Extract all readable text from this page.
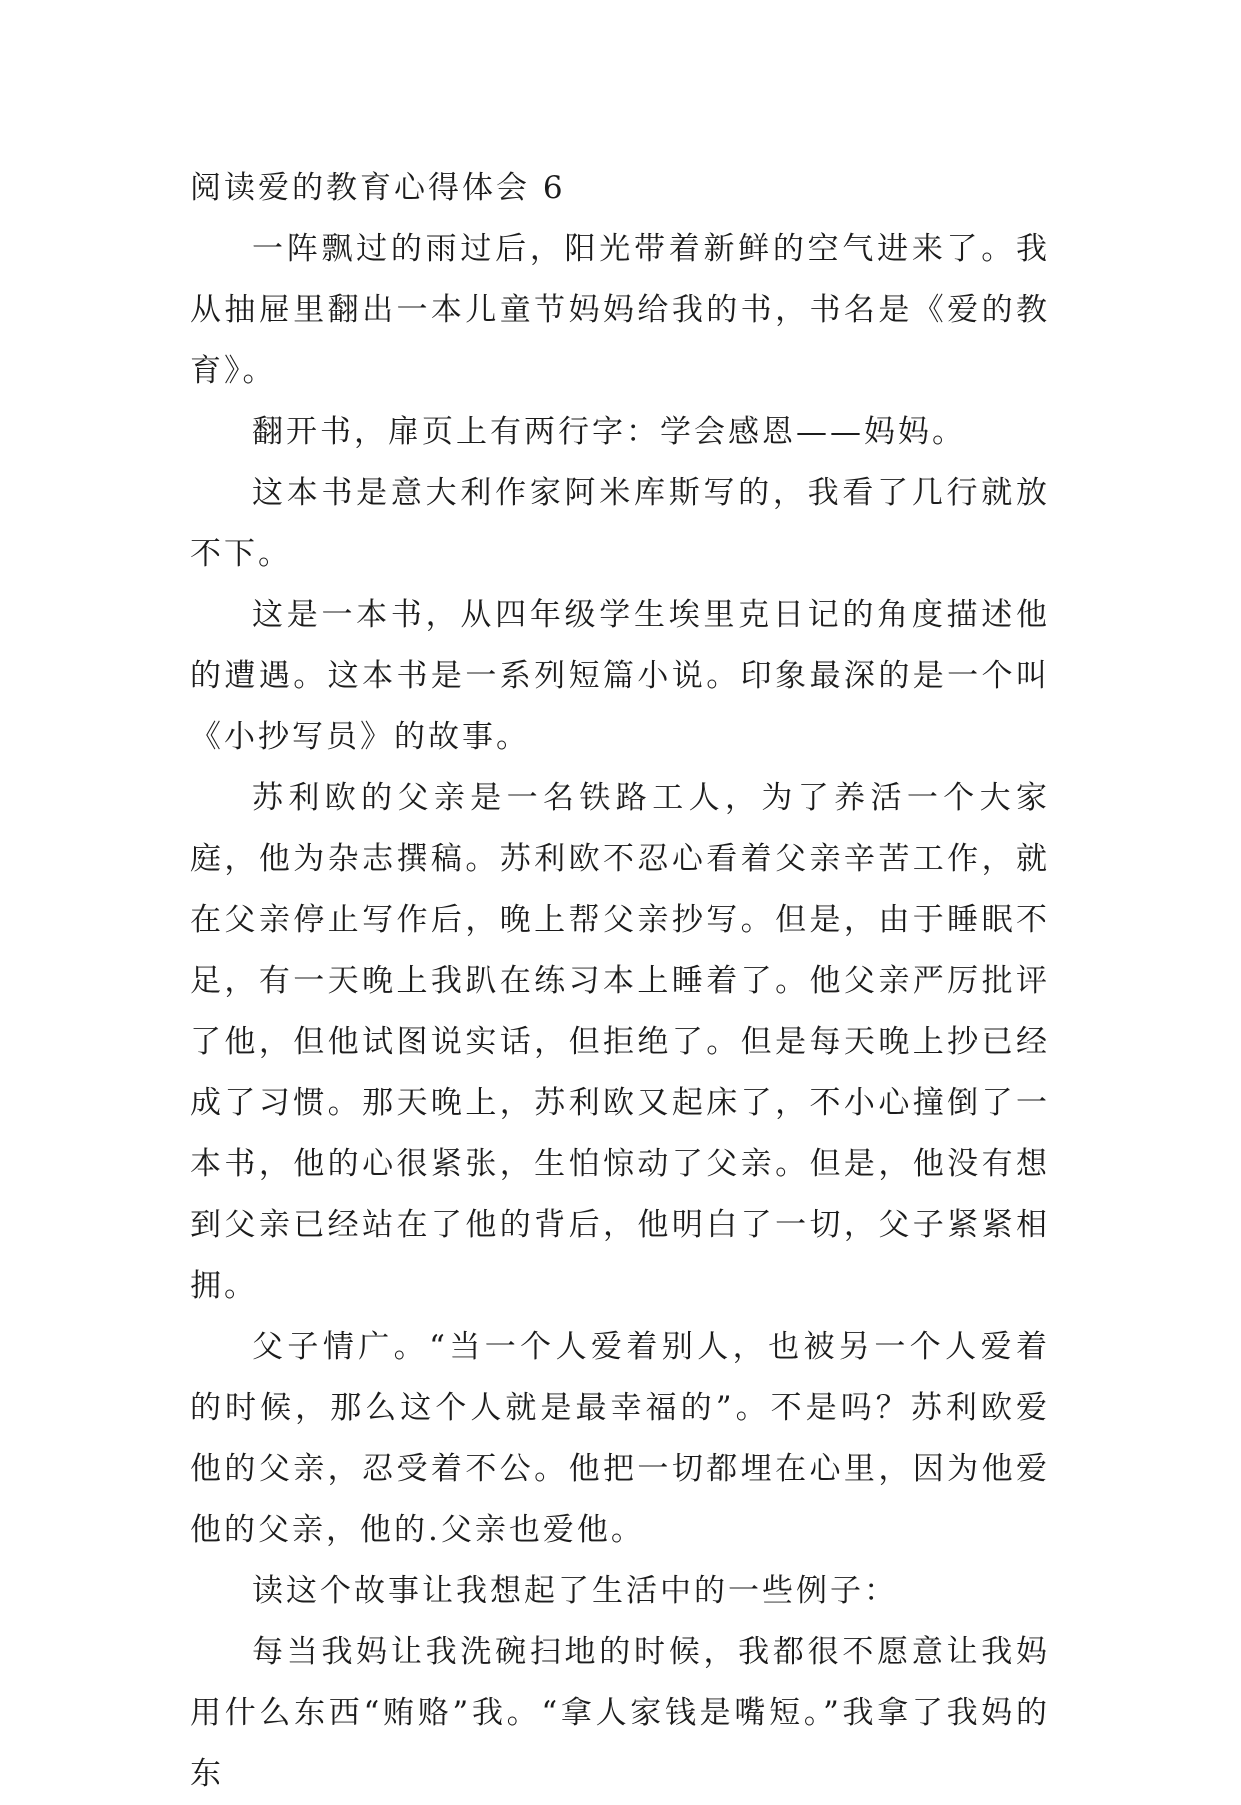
阅读爱的教育心得体会 6

一阵飘过的雨过后，阳光带着新鲜的空气进来了。我从抽屉里翻出一本儿童节妈妈给我的书，书名是《爱的教育》。

翻开书，扉页上有两行字：学会感恩——妈妈。

这本书是意大利作家阿米库斯写的，我看了几行就放不下。

这是一本书，从四年级学生埃里克日记的角度描述他的遭遇。这本书是一系列短篇小说。印象最深的是一个叫《小抄写员》的故事。

苏利欧的父亲是一名铁路工人，为了养活一个大家庭，他为杂志撰稿。苏利欧不忍心看着父亲辛苦工作，就在父亲停止写作后，晚上帮父亲抄写。但是，由于睡眠不足，有一天晚上我趴在练习本上睡着了。他父亲严厉批评了他，但他试图说实话，但拒绝了。但是每天晚上抄已经成了习惯。那天晚上，苏利欧又起床了，不小心撞倒了一本书，他的心很紧张，生怕惊动了父亲。但是，他没有想到父亲已经站在了他的背后，他明白了一切，父子紧紧相拥。

父子情广。“当一个人爱着别人，也被另一个人爱着的时候，那么这个人就是最幸福的”。不是吗？苏利欧爱他的父亲，忍受着不公。他把一切都埋在心里，因为他爱他的父亲，他的.父亲也爱他。

读这个故事让我想起了生活中的一些例子：

每当我妈让我洗碗扫地的时候，我都很不愿意让我妈用什么东西“贿赂”我。“拿人家钱是嘴短。”我拿了我妈的东
